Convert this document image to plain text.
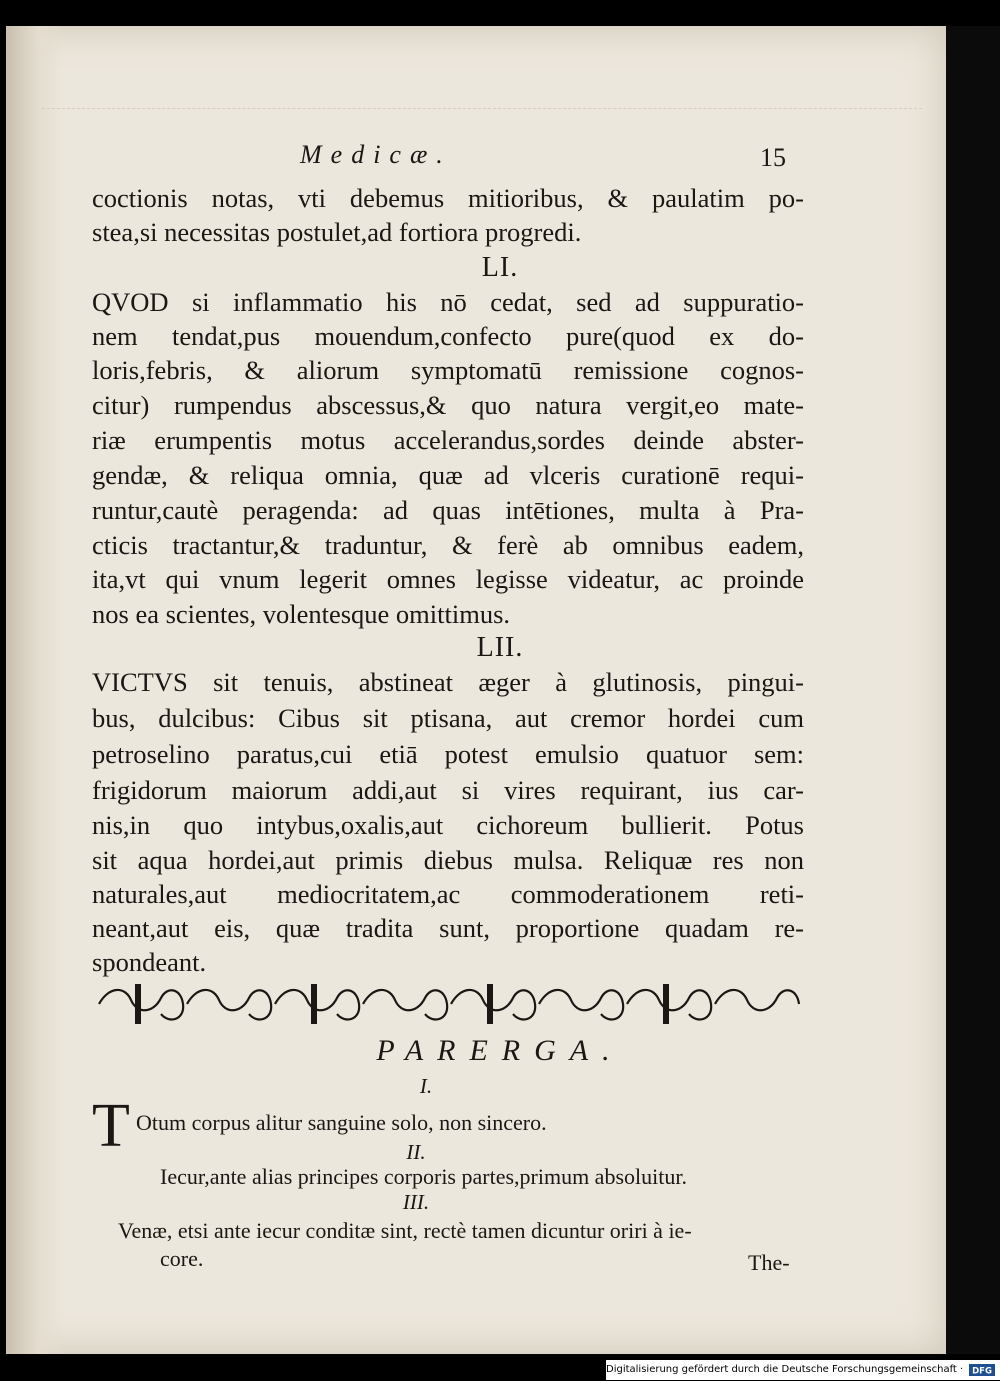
Medicæ.	15
coctionis notas, vti debemus mitioribus, & paulatim po-
stea,si necessitas postulet,ad fortiora progredi.
LI.
QVOD si inflammatio his nō cedat, sed ad suppuratio-
nem tendat,pus mouendum,confecto pure(quod ex do-
loris,febris, & aliorum symptomatū remissione cognos-
citur) rumpendus abscessus,& quo natura vergit,eo mate-
riæ erumpentis motus accelerandus,sordes deinde abster-
gendæ, & reliqua omnia, quæ ad vlceris curationē requi-
runtur,cautè peragenda: ad quas intētiones, multa à Pra-
cticis tractantur,& traduntur, & ferè ab omnibus eadem,
ita,vt qui vnum legerit omnes legisse videatur, ac proinde
nos ea scientes, volentesque omittimus.
LII.
VICTVS sit tenuis, abstineat æger à glutinosis, pingui-
bus, dulcibus: Cibus sit ptisana, aut cremor hordei cum
petroselino paratus,cui etiā potest emulsio quatuor sem:
frigidorum maiorum addi,aut si vires requirant, ius car-
nis,in quo intybus,oxalis,aut cichoreum bullierit. Potus
sit aqua hordei,aut primis diebus mulsa. Reliquæ res non
naturales,aut mediocritatem,ac commoderationem reti-
neant,aut eis, quæ tradita sunt, proportione quadam re-
spondeant.
PARERGA.
I.
T Otum corpus alitur sanguine solo, non sincero.
II.
Iecur,ante alias principes corporis partes,primum absoluitur.
III.
Venæ, etsi ante iecur conditæ sint, rectè tamen dicuntur oriri à ie-
core.	The-
Digitalisierung gefördert durch die Deutsche Forschungsgemeinschaft · DFG
